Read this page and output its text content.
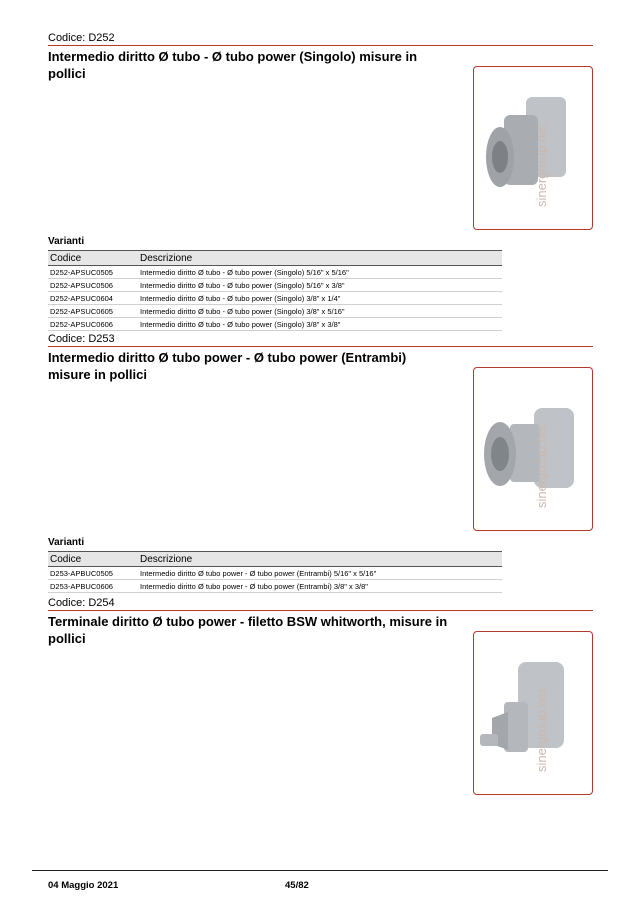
Codice: D252
Intermedio diritto Ø tubo - Ø tubo power (Singolo) misure in pollici
sinergroup.net
Varianti
Codice	Descrizione
D252-APSUC0505	Intermedio diritto Ø tubo - Ø tubo power (Singolo) 5/16" x 5/16"
D252-APSUC0506	Intermedio diritto Ø tubo - Ø tubo power (Singolo) 5/16" x 3/8"
D252-APSUC0604	Intermedio diritto Ø tubo - Ø tubo power (Singolo) 3/8" x 1/4"
D252-APSUC0605	Intermedio diritto Ø tubo - Ø tubo power (Singolo) 3/8" x 5/16"
D252-APSUC0606	Intermedio diritto Ø tubo - Ø tubo power (Singolo) 3/8" x 3/8"
Codice: D253
Intermedio diritto Ø tubo power - Ø tubo power (Entrambi) misure in pollici
sinergroup.net
Varianti
Codice	Descrizione
D253-APBUC0505	Intermedio diritto Ø tubo power - Ø tubo power (Entrambi) 5/16" x 5/16"
D253-APBUC0606	Intermedio diritto Ø tubo power - Ø tubo power (Entrambi) 3/8" x 3/8"
Codice: D254
Terminale diritto Ø tubo power - filetto BSW whitworth, misure in pollici
sinergroup.net
04 Maggio 2021	45/82
